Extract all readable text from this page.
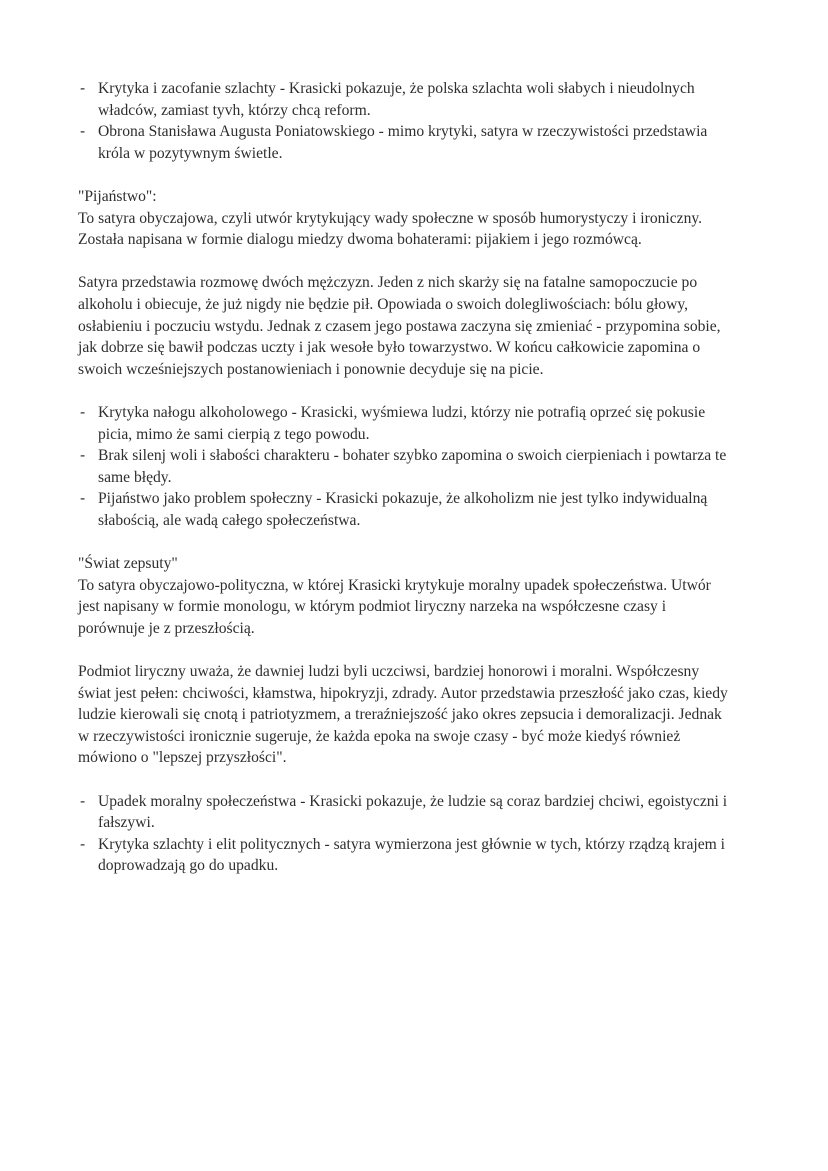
- Krytyka i zacofanie szlachty - Krasicki pokazuje, że polska szlachta woli słabych i nieudolnych władców, zamiast tyvh, którzy chcą reform.
- Obrona Stanisława Augusta Poniatowskiego - mimo krytyki, satyra w rzeczywistości przedstawia króla w pozytywnym świetle.

"Pijaństwo":

To satyra obyczajowa, czyli utwór krytykujący wady społeczne w sposób humorystyczy i ironiczny. Została napisana w formie dialogu miedzy dwoma bohaterami: pijakiem i jego rozmówcą.

Satyra przedstawia rozmowę dwóch mężczyzn. Jeden z nich skarży się na fatalne samopoczucie po alkoholu i obiecuje, że już nigdy nie będzie pił. Opowiada o swoich dolegliwościach: bólu głowy, osłabieniu i poczuciu wstydu. Jednak z czasem jego postawa zaczyna się zmieniać - przypomina sobie, jak dobrze się bawił podczas uczty i jak wesołe było towarzystwo. W końcu całkowicie zapomina o swoich wcześniejszych postanowieniach i ponownie decyduje się na picie.

- Krytyka nałogu alkoholowego - Krasicki, wyśmiewa ludzi, którzy nie potrafią oprzeć się pokusie picia, mimo że sami cierpią z tego powodu.
- Brak silenj woli i słabości charakteru - bohater szybko zapomina o swoich cierpieniach i powtarza te same błędy.
- Pijaństwo jako problem społeczny - Krasicki pokazuje, że alkoholizm nie jest tylko indywidualną słabością, ale wadą całego społeczeństwa.

"Świat zepsuty"

To satyra obyczajowo-polityczna, w której Krasicki krytykuje moralny upadek społeczeństwa. Utwór jest napisany w formie monologu, w którym podmiot liryczny narzeka na współczesne czasy i porównuje je z przeszłością.

Podmiot liryczny uważa, że dawniej ludzi byli uczciwsi, bardziej honorowi i moralni. Współczesny świat jest pełen: chciwości, kłamstwa, hipokryzji, zdrady. Autor przedstawia przeszłość jako czas, kiedy ludzie kierowali się cnotą i patriotyzmem, a treraźniejszość jako okres zepsucia i demoralizacji. Jednak w rzeczywistości ironicznie sugeruje, że każda epoka na swoje czasy - być może kiedyś również mówiono o "lepszej przyszłości".

- Upadek moralny społeczeństwa - Krasicki pokazuje, że ludzie są coraz bardziej chciwi, egoistyczni i fałszywi.
- Krytyka szlachty i elit politycznych - satyra wymierzona jest głównie w tych, którzy rządzą krajem i doprowadzają go do upadku.
